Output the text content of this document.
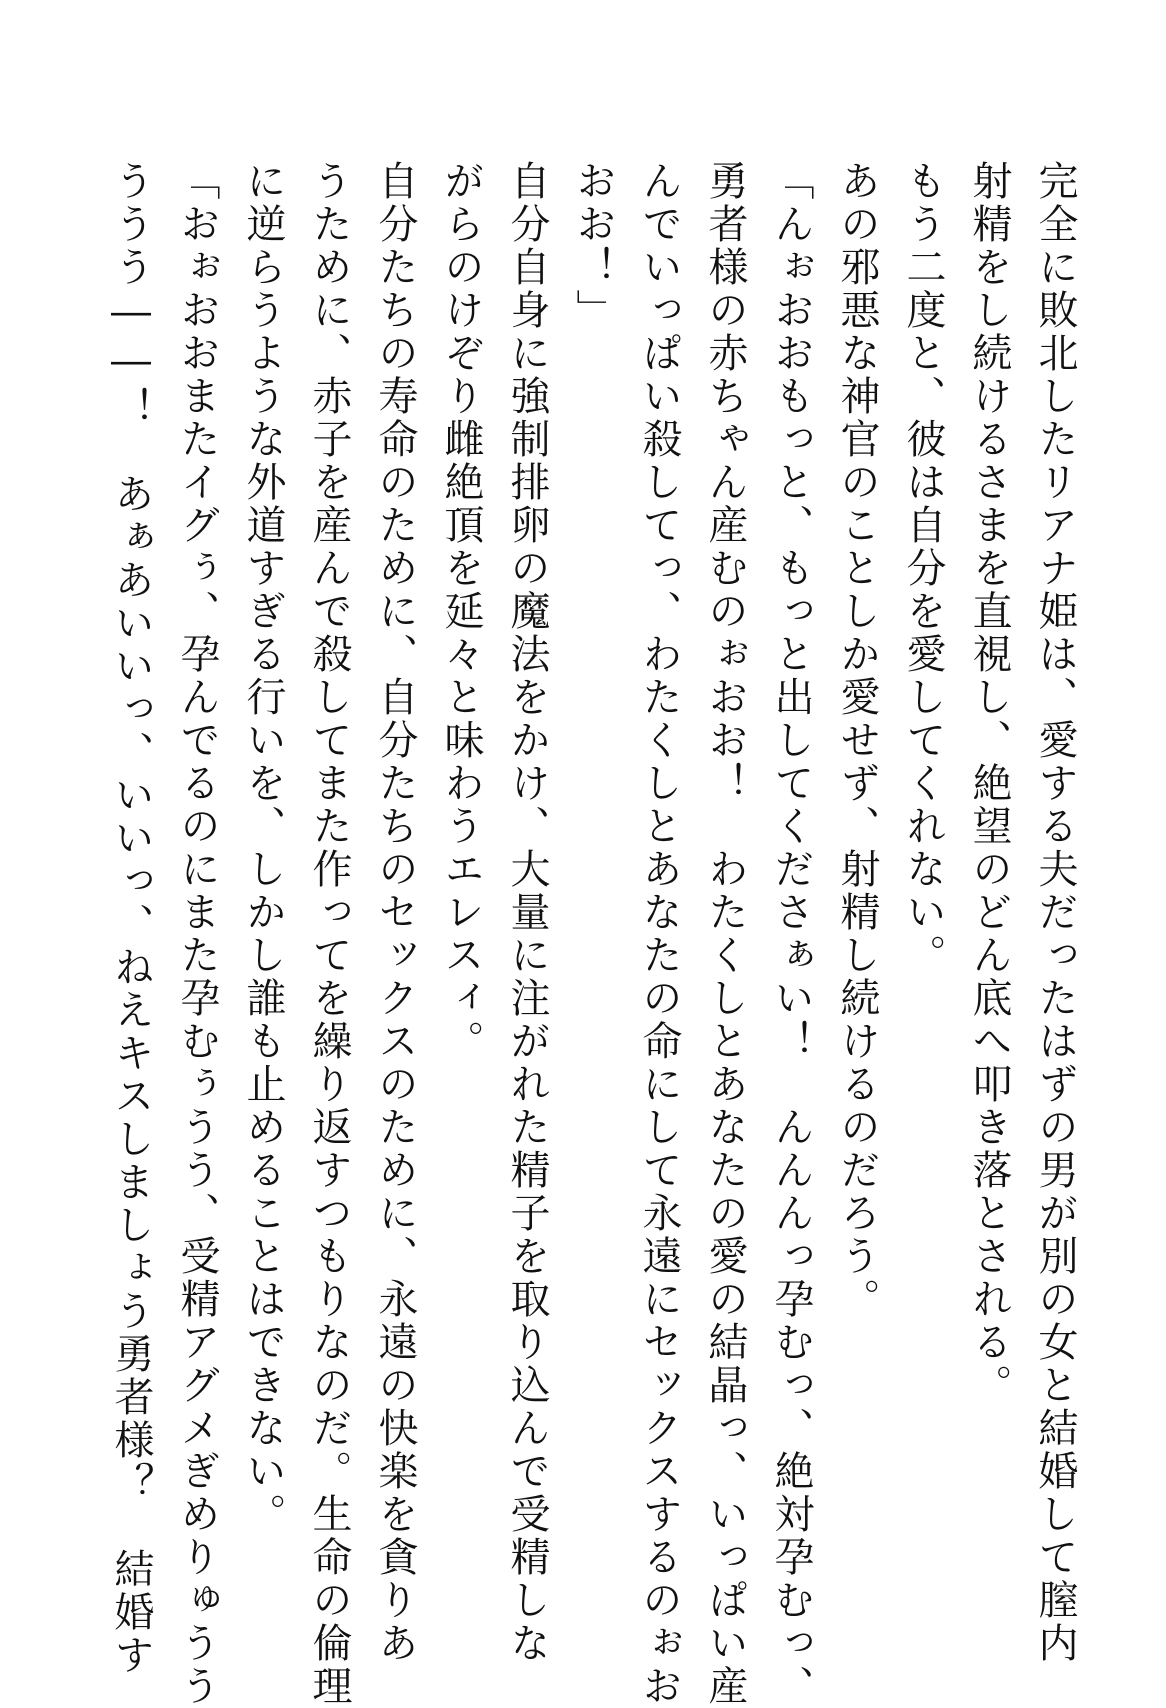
完全に敗北したリアナ姫は、愛する夫だったはずの男が別の女と結婚して膣内
射精をし続けるさまを直視し、絶望のどん底へ叩き落とされる。
もう二度と、彼は自分を愛してくれない。
あの邪悪な神官のことしか愛せず、射精し続けるのだろう。
「んぉおおもっと、もっと出してくださぁい！　んんんっ孕むっ、絶対孕むっ、
勇者様の赤ちゃん産むのぉおお！　わたくしとあなたの愛の結晶っ、いっぱい産
んでいっぱい殺してっ、わたくしとあなたの命にして永遠にセックスするのぉお
おお！」
自分自身に強制排卵の魔法をかけ、大量に注がれた精子を取り込んで受精しな
がらのけぞり雌絶頂を延々と味わうエレスィ。
自分たちの寿命のために、自分たちのセックスのために、永遠の快楽を貪りあ
うために、赤子を産んで殺してまた作ってを繰り返すつもりなのだ。生命の倫理
に逆らうような外道すぎる行いを、しかし誰も止めることはできない。
「おぉおおまたイグぅ、孕んでるのにまた孕むぅうう、受精アグメぎめりゅうう
ううう――！　あぁあいいっ、いいっ、ねえキスしましょう勇者様？　結婚す
